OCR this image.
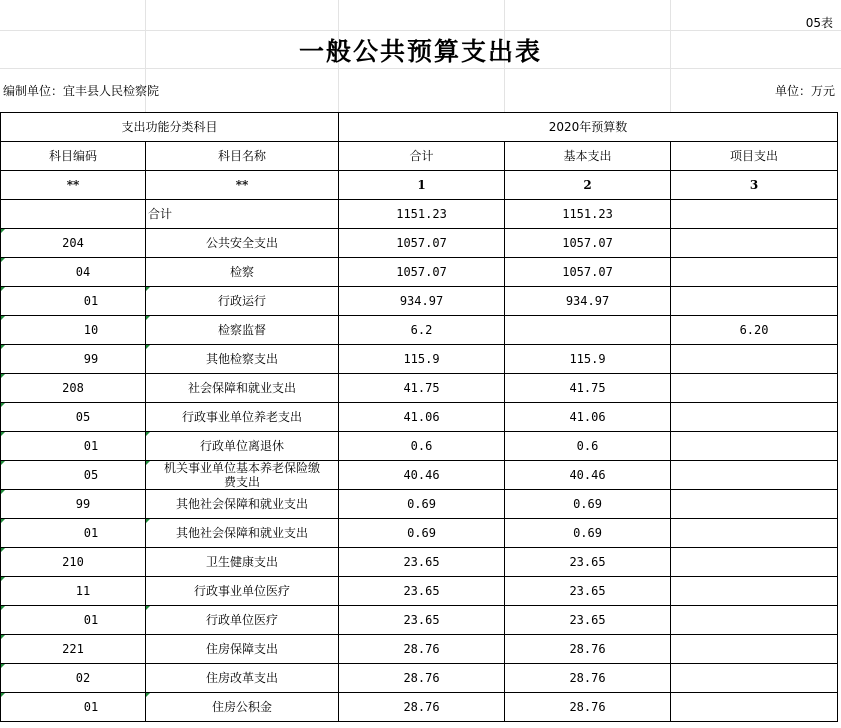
05表
一般公共预算支出表
编制单位：宜丰县人民检察院	单位：万元
支出功能分类科目		2020年预算数		
科目编码	科目名称	合计	基本支出	项目支出
**	**	1	2	3
	合计	1151.23	1151.23	
204	公共安全支出	1057.07	1057.07	
04	检察	1057.07	1057.07	
01	行政运行	934.97	934.97	
10	检察监督	6.2		6.20
99	其他检察支出	115.9	115.9	
208	社会保障和就业支出	41.75	41.75	
05	行政事业单位养老支出	41.06	41.06	
01	行政单位离退休	0.6	0.6	
05	机关事业单位基本养老保险缴费支出	40.46	40.46	
99	其他社会保障和就业支出	0.69	0.69	
01	其他社会保障和就业支出	0.69	0.69	
210	卫生健康支出	23.65	23.65	
11	行政事业单位医疗	23.65	23.65	
01	行政单位医疗	23.65	23.65	
221	住房保障支出	28.76	28.76	
02	住房改革支出	28.76	28.76	
01	住房公积金	28.76	28.76	
